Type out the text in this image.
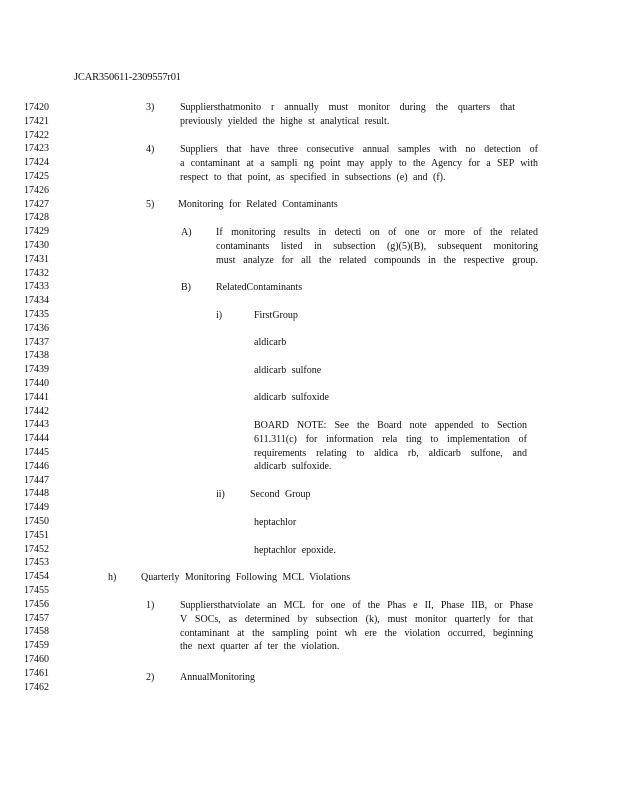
JCAR350611-2309557r01
17420
17421
17422
17423
17424
17425
17426
17427
17428
17429
17430
17431
17432
17433
17434
17435
17436
17437
17438
17439
17440
17441
17442
17443
17444
17445
17446
17447
17448
17449
17450
17451
17452
17453
17454
17455
17456
17457
17458
17459
17460
17461
17462
3)	Suppliersthatmonito r annually must monitor during the quarters that
previously yielded the highe st analytical result.
4)	Suppliers that have three consecutive annual samples with no detection of
a contaminant at a sampli ng point may apply to the Agency for a SEP with
respect to that point, as specified in subsections (e) and (f).
5) Monitoring for Related Contaminants
A) If monitoring results in detecti on of one or more of the related
contaminants listed in subsection (g)(5)(B), subsequent monitoring
must analyze for all the related compounds in the respective group.
B)	RelatedContaminants
i)	FirstGroup
aldicarb
aldicarb sulfone
aldicarb sulfoxide
BOARD NOTE: See the Board note appended to Section
611.311(c) for information rela ting to implementation of
requirements relating to aldica rb, aldicarb sulfone, and
aldicarb sulfoxide.
ii)	Second Group
heptachlor
heptachlor epoxide.
h) Quarterly Monitoring Following MCL Violations
1)	Suppliersthatviolate an MCL for one of the Phas e II, Phase IIB, or Phase
V SOCs, as determined by subsection (k), must monitor quarterly for that
contaminant at the sampling point wh ere the violation occurred, beginning
the next quarter af ter the violation.
2)	AnnualMonitoring
